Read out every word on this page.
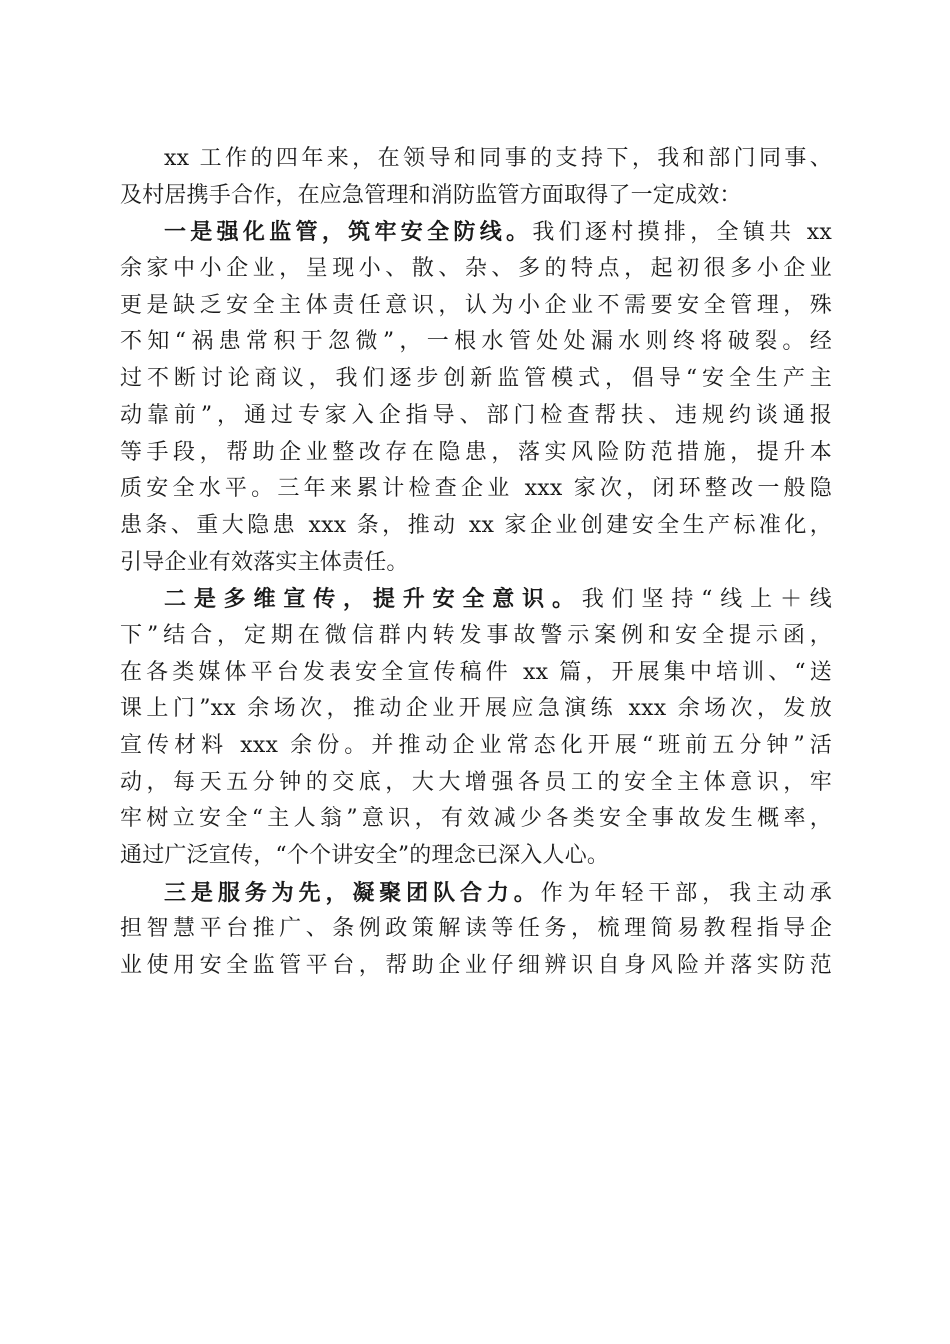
xx 工作的四年来，在领导和同事的支持下，我和部门同事、
及村居携手合作，在应急管理和消防监管方面取得了一定成效：
一是强化监管，筑牢安全防线。我们逐村摸排，全镇共 xx
余家中小企业，呈现小、散、杂、多的特点，起初很多小企业
更是缺乏安全主体责任意识，认为小企业不需要安全管理，殊
不知“祸患常积于忽微”，一根水管处处漏水则终将破裂。经
过不断讨论商议，我们逐步创新监管模式，倡导“安全生产主
动靠前”，通过专家入企指导、部门检查帮扶、违规约谈通报
等手段，帮助企业整改存在隐患，落实风险防范措施，提升本
质安全水平。三年来累计检查企业 xxx 家次，闭环整改一般隐
患条、重大隐患 xxx 条，推动 xx 家企业创建安全生产标准化，
引导企业有效落实主体责任。
二是多维宣传，提升安全意识。我们坚持“线上＋线
下”结合，定期在微信群内转发事故警示案例和安全提示函，
在各类媒体平台发表安全宣传稿件 xx 篇，开展集中培训、“送
课上门”xx 余场次，推动企业开展应急演练 xxx 余场次，发放
宣传材料 xxx 余份。并推动企业常态化开展“班前五分钟”活
动，每天五分钟的交底，大大增强各员工的安全主体意识，牢
牢树立安全“主人翁”意识，有效减少各类安全事故发生概率，
通过广泛宣传，“个个讲安全”的理念已深入人心。
三是服务为先，凝聚团队合力。作为年轻干部，我主动承
担智慧平台推广、条例政策解读等任务，梳理简易教程指导企
业使用安全监管平台，帮助企业仔细辨识自身风险并落实防范
